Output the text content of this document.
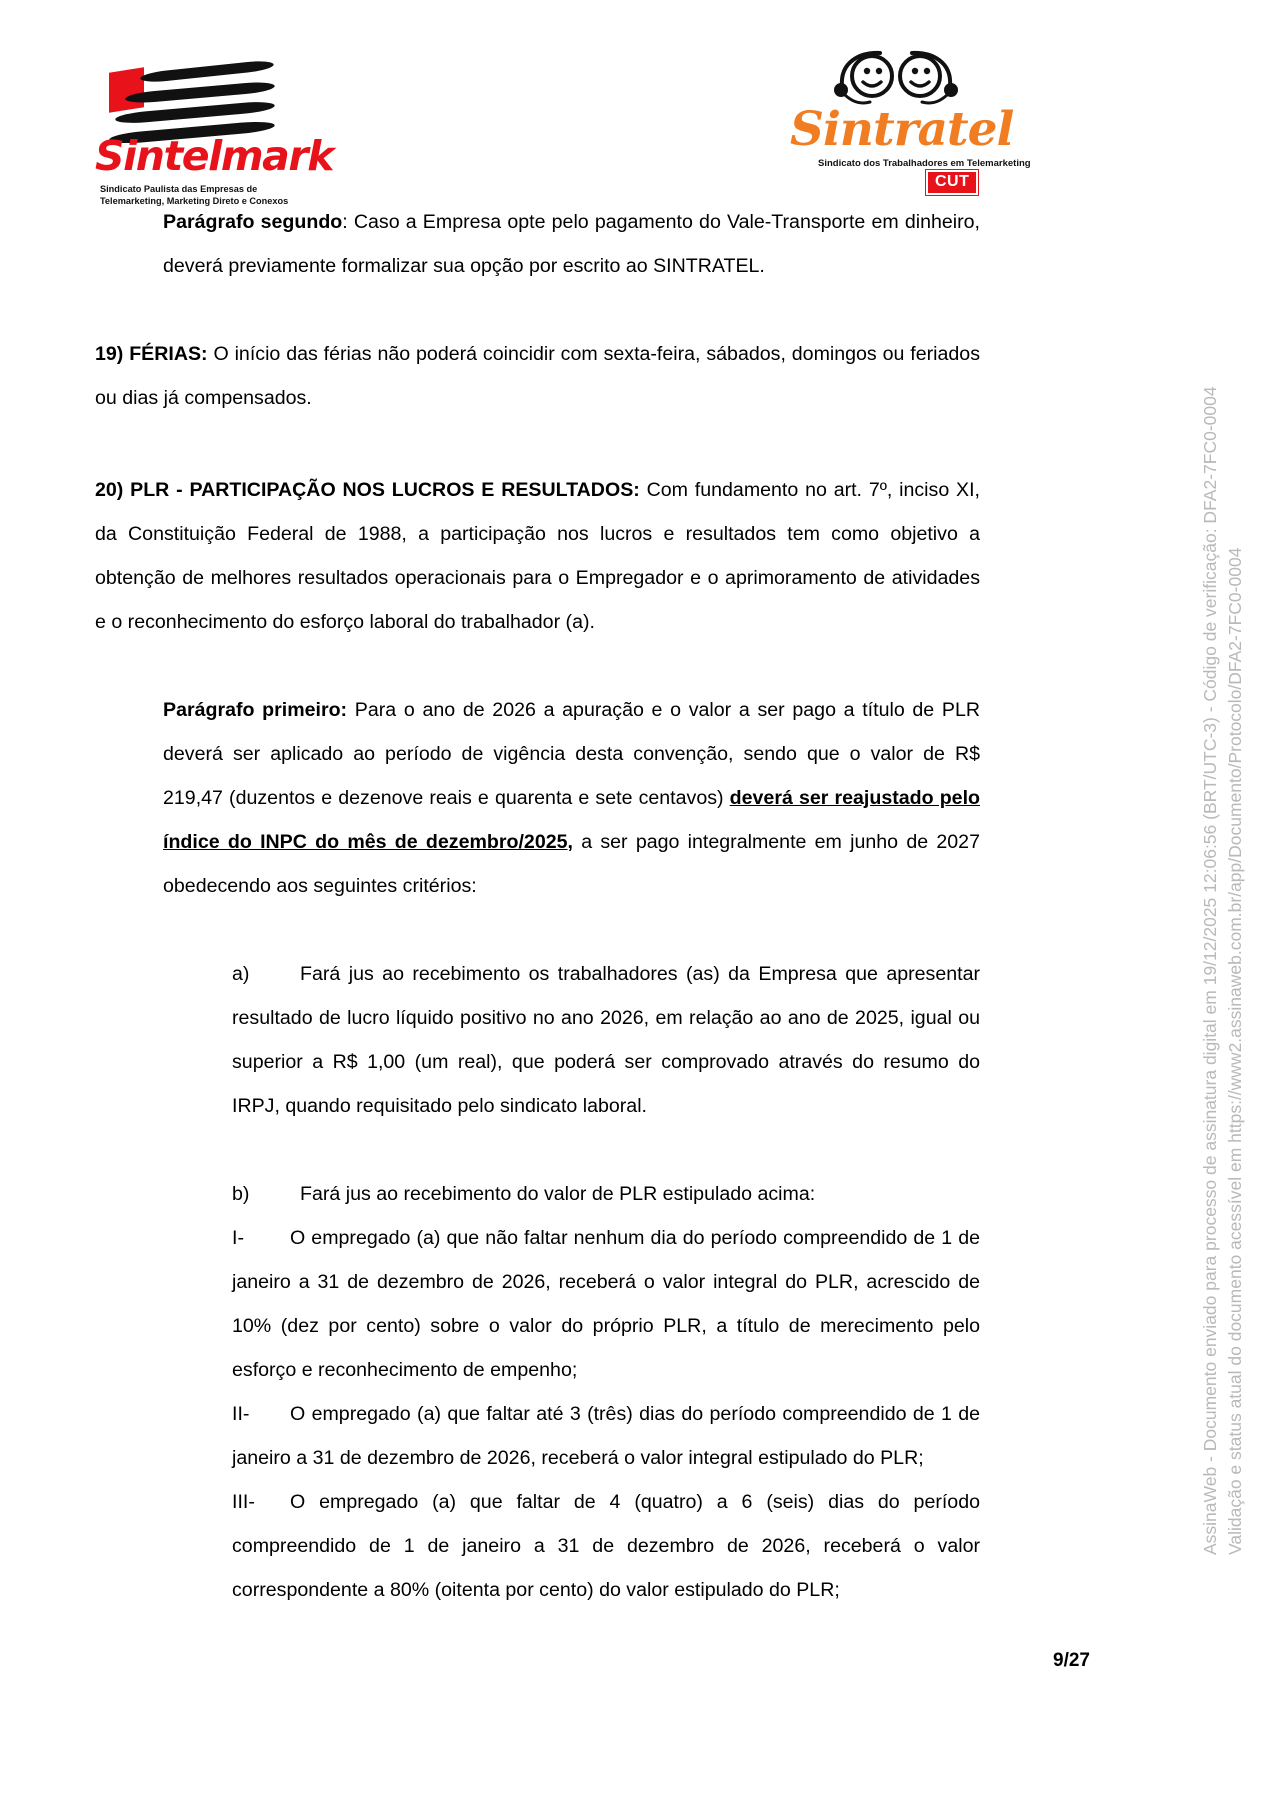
Sintelmark
Sindicato Paulista das Empresas de
Telemarketing, Marketing Direto e Conexos
Sintratel
Sindicato dos Trabalhadores em Telemarketing
CUT

Parágrafo segundo: Caso a Empresa opte pelo pagamento do Vale-Transporte em dinheiro, deverá previamente formalizar sua opção por escrito ao SINTRATEL.

19) FÉRIAS: O início das férias não poderá coincidir com sexta-feira, sábados, domingos ou feriados ou dias já compensados.

20) PLR - PARTICIPAÇÃO NOS LUCROS E RESULTADOS: Com fundamento no art. 7º, inciso XI, da Constituição Federal de 1988, a participação nos lucros e resultados tem como objetivo a obtenção de melhores resultados operacionais para o Empregador e o aprimoramento de atividades e o reconhecimento do esforço laboral do trabalhador (a).

Parágrafo primeiro: Para o ano de 2026 a apuração e o valor a ser pago a título de PLR deverá ser aplicado ao período de vigência desta convenção, sendo que o valor de R$ 219,47 (duzentos e dezenove reais e quarenta e sete centavos) deverá ser reajustado pelo índice do INPC do mês de dezembro/2025, a ser pago integralmente em junho de 2027 obedecendo aos seguintes critérios:

a)	Fará jus ao recebimento os trabalhadores (as) da Empresa que apresentar resultado de lucro líquido positivo no ano 2026, em relação ao ano de 2025, igual ou superior a R$ 1,00 (um real), que poderá ser comprovado através do resumo do IRPJ, quando requisitado pelo sindicato laboral.

b)	Fará jus ao recebimento do valor de PLR estipulado acima:

I- O empregado (a) que não faltar nenhum dia do período compreendido de 1 de janeiro a 31 de dezembro de 2026, receberá o valor integral do PLR, acrescido de 10% (dez por cento) sobre o valor do próprio PLR, a título de merecimento pelo esforço e reconhecimento de empenho;

II- O empregado (a) que faltar até 3 (três) dias do período compreendido de 1 de janeiro a 31 de dezembro de 2026, receberá o valor integral estipulado do PLR;

III- O empregado (a) que faltar de 4 (quatro) a 6 (seis) dias do período compreendido de 1 de janeiro a 31 de dezembro de 2026, receberá o valor correspondente a 80% (oitenta por cento) do valor estipulado do PLR;

AssinaWeb - Documento enviado para processo de assinatura digital em 19/12/2025 12:06:56 (BRT/UTC-3) - Código de verificação: DFA2-7FC0-0004 Validação e status atual do documento acessível em https://www2.assinaweb.com.br/app/Documento/Protocolo/DFA2-7FC0-0004
9/27
